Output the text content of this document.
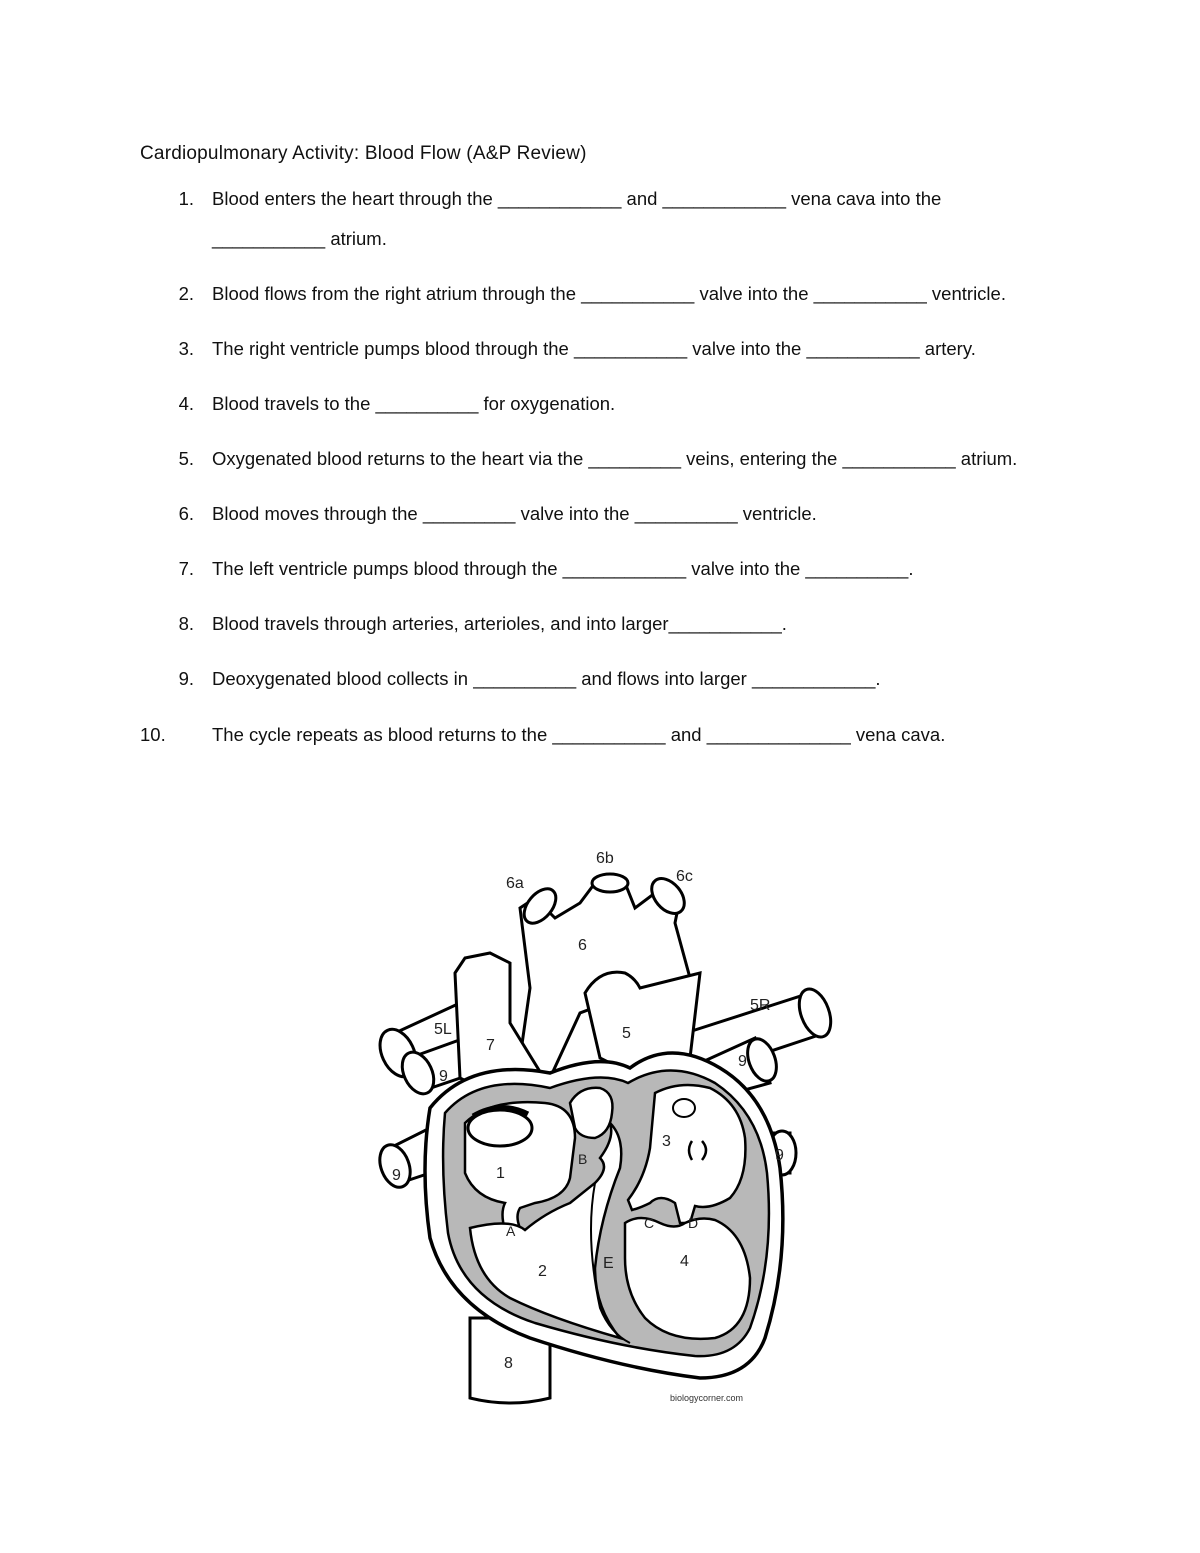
Cardiopulmonary Activity: Blood Flow (A&P Review)
1. Blood enters the heart through the ____________ and ____________ vena cava into the
___________ atrium.
2. Blood flows from the right atrium through the ___________ valve into the ___________ ventricle.
3. The right ventricle pumps blood through the ___________ valve into the ___________ artery.
4. Blood travels to the __________ for oxygenation.
5. Oxygenated blood returns to the heart via the _________ veins, entering the ___________ atrium.
6. Blood moves through the _________ valve into the __________ ventricle.
7. The left ventricle pumps blood through the ____________ valve into the __________.
8. Blood travels through arteries, arterioles, and into larger___________.
9. Deoxygenated blood collects in __________ and flows into larger ____________.
10.	The cycle repeats as blood returns to the ___________ and ______________ vena cava.
6a
6b
6c
6
5R
5
5L
7
9
9
9
9
1
3
B
A	C D
E
2
4
8
biologycorner.com
